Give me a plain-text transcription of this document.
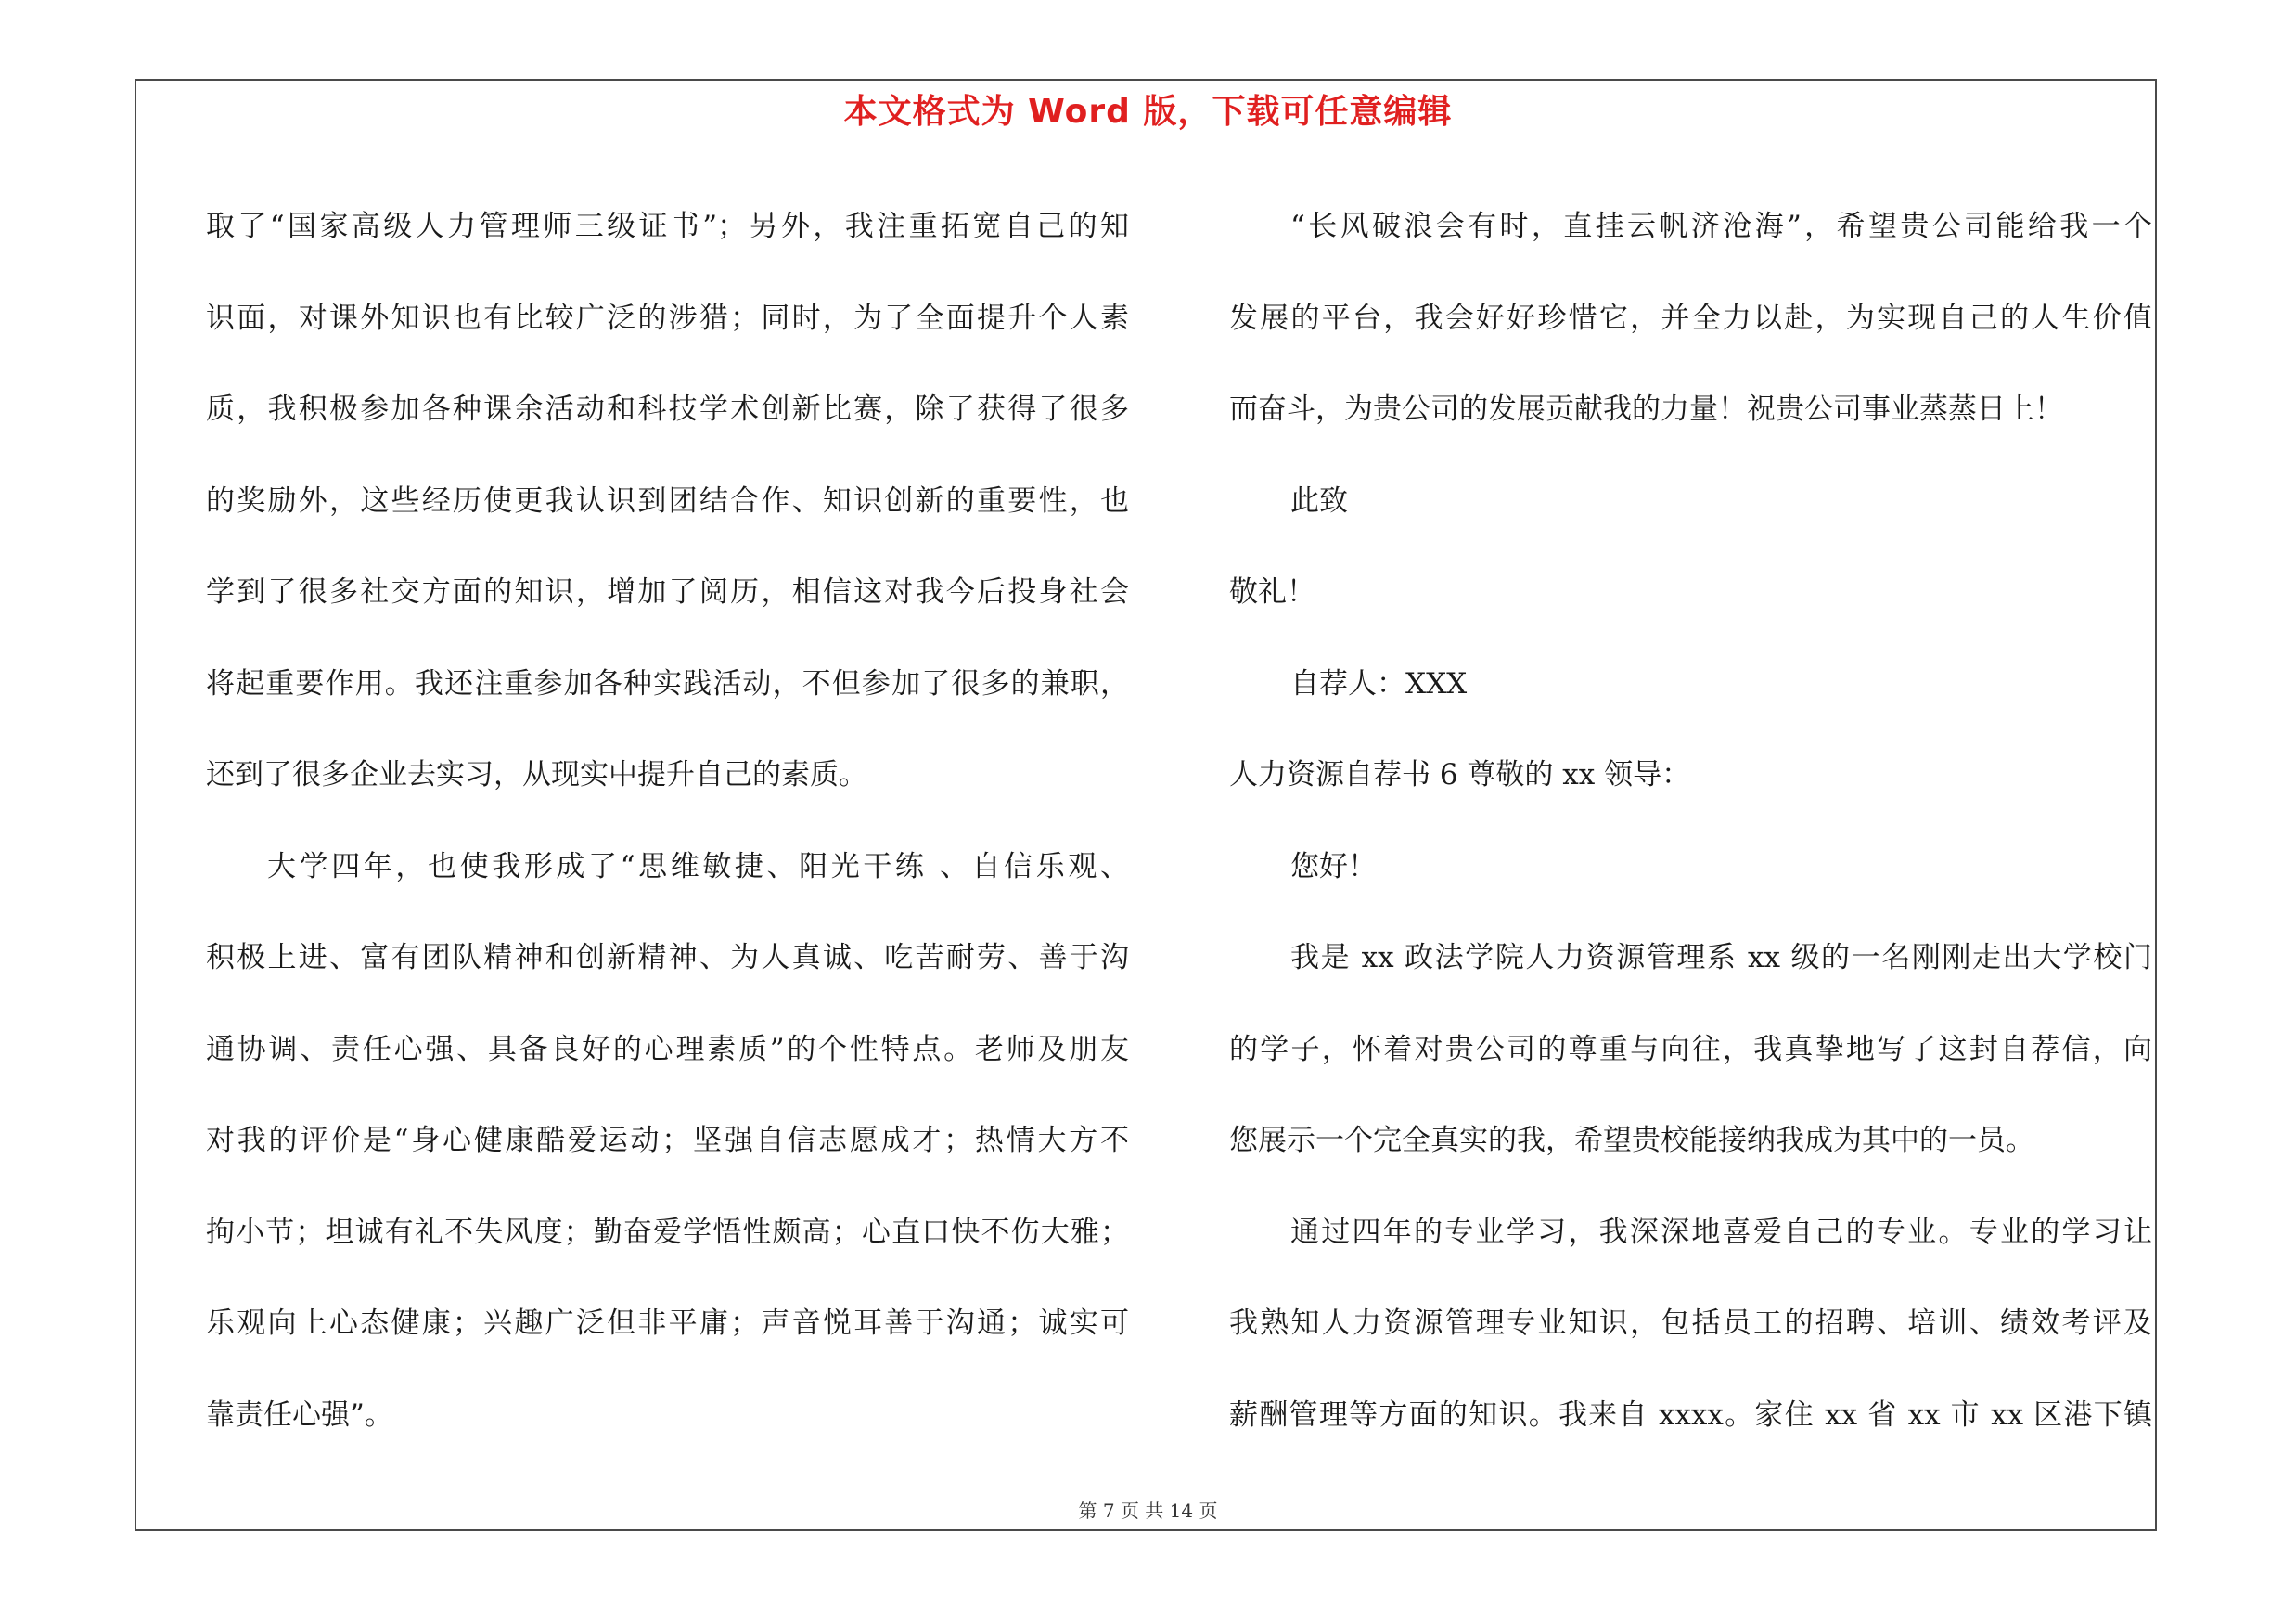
本文格式为 Word 版，下载可任意编辑
取了“国家高级人力管理师三级证书”；另外，我注重拓宽自己的知
识面，对课外知识也有比较广泛的涉猎；同时，为了全面提升个人素
质，我积极参加各种课余活动和科技学术创新比赛，除了获得了很多
的奖励外，这些经历使更我认识到团结合作、知识创新的重要性，也
学到了很多社交方面的知识，增加了阅历，相信这对我今后投身社会
将起重要作用。我还注重参加各种实践活动，不但参加了很多的兼职，
还到了很多企业去实习，从现实中提升自己的素质。
大学四年，也使我形成了“思维敏捷、阳光干练 、自信乐观、
积极上进、富有团队精神和创新精神、为人真诚、吃苦耐劳、善于沟
通协调、责任心强、具备良好的心理素质”的个性特点。老师及朋友
对我的评价是“身心健康酷爱运动；坚强自信志愿成才；热情大方不
拘小节；坦诚有礼不失风度；勤奋爱学悟性颇高；心直口快不伤大雅；
乐观向上心态健康；兴趣广泛但非平庸；声音悦耳善于沟通；诚实可
靠责任心强”。
“长风破浪会有时，直挂云帆济沧海”，希望贵公司能给我一个
发展的平台，我会好好珍惜它，并全力以赴，为实现自己的人生价值
而奋斗，为贵公司的发展贡献我的力量！祝贵公司事业蒸蒸日上！
此致
敬礼！
自荐人：XXX
人力资源自荐书 6 尊敬的 xx 领导：
您好！
我是 xx 政法学院人力资源管理系 xx 级的一名刚刚走出大学校门
的学子，怀着对贵公司的尊重与向往，我真挚地写了这封自荐信，向
您展示一个完全真实的我，希望贵校能接纳我成为其中的一员。
通过四年的专业学习，我深深地喜爱自己的专业。专业的学习让
我熟知人力资源管理专业知识，包括员工的招聘、培训、绩效考评及
薪酬管理等方面的知识。我来自 xxxx。家住 xx 省 xx 市 xx 区港下镇
第 7 页 共 14 页
